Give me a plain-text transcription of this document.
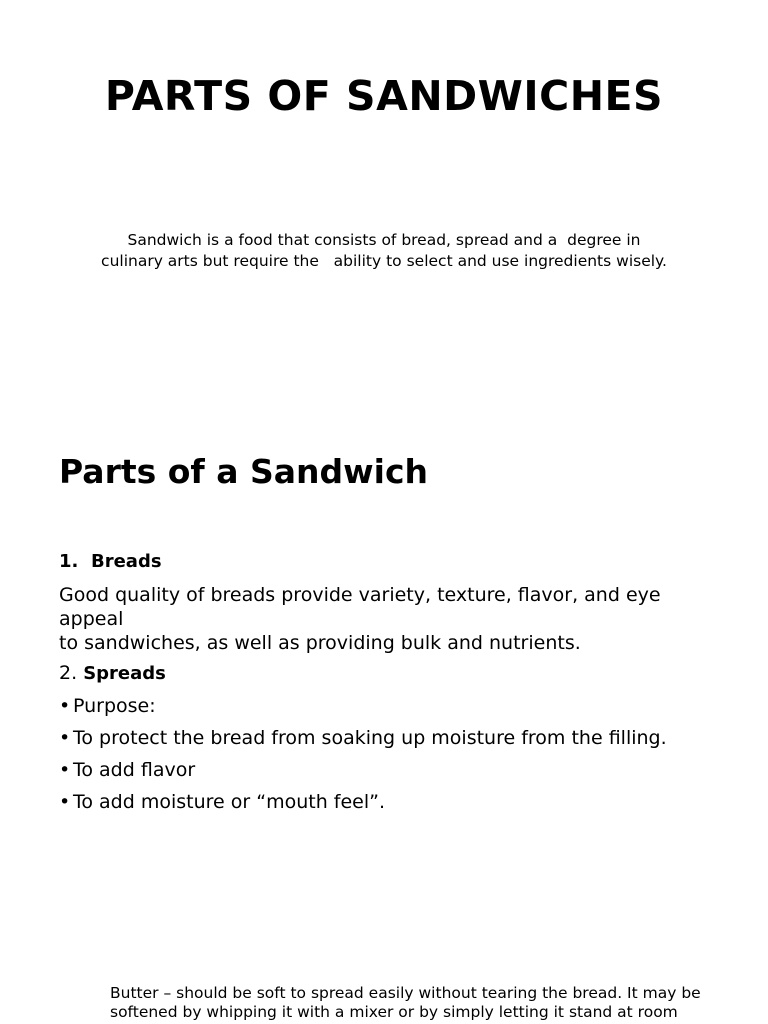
PARTS OF SANDWICHES

Sandwich is a food that consists of bread, spread and a  degree in
culinary arts but require the   ability to select and use ingredients wisely.

Parts of a Sandwich
1. Breads

Good quality of breads provide variety, texture, flavor, and eye appeal
to sandwiches, as well as providing bulk and nutrients.

2. Spreads
• Purpose:
• To protect the bread from soaking up moisture from the filling.
• To add flavor
• To add moisture or “mouth feel”.

Butter – should be soft to spread easily without tearing the bread. It may be
softened by whipping it with a mixer or by simply letting it stand at room
